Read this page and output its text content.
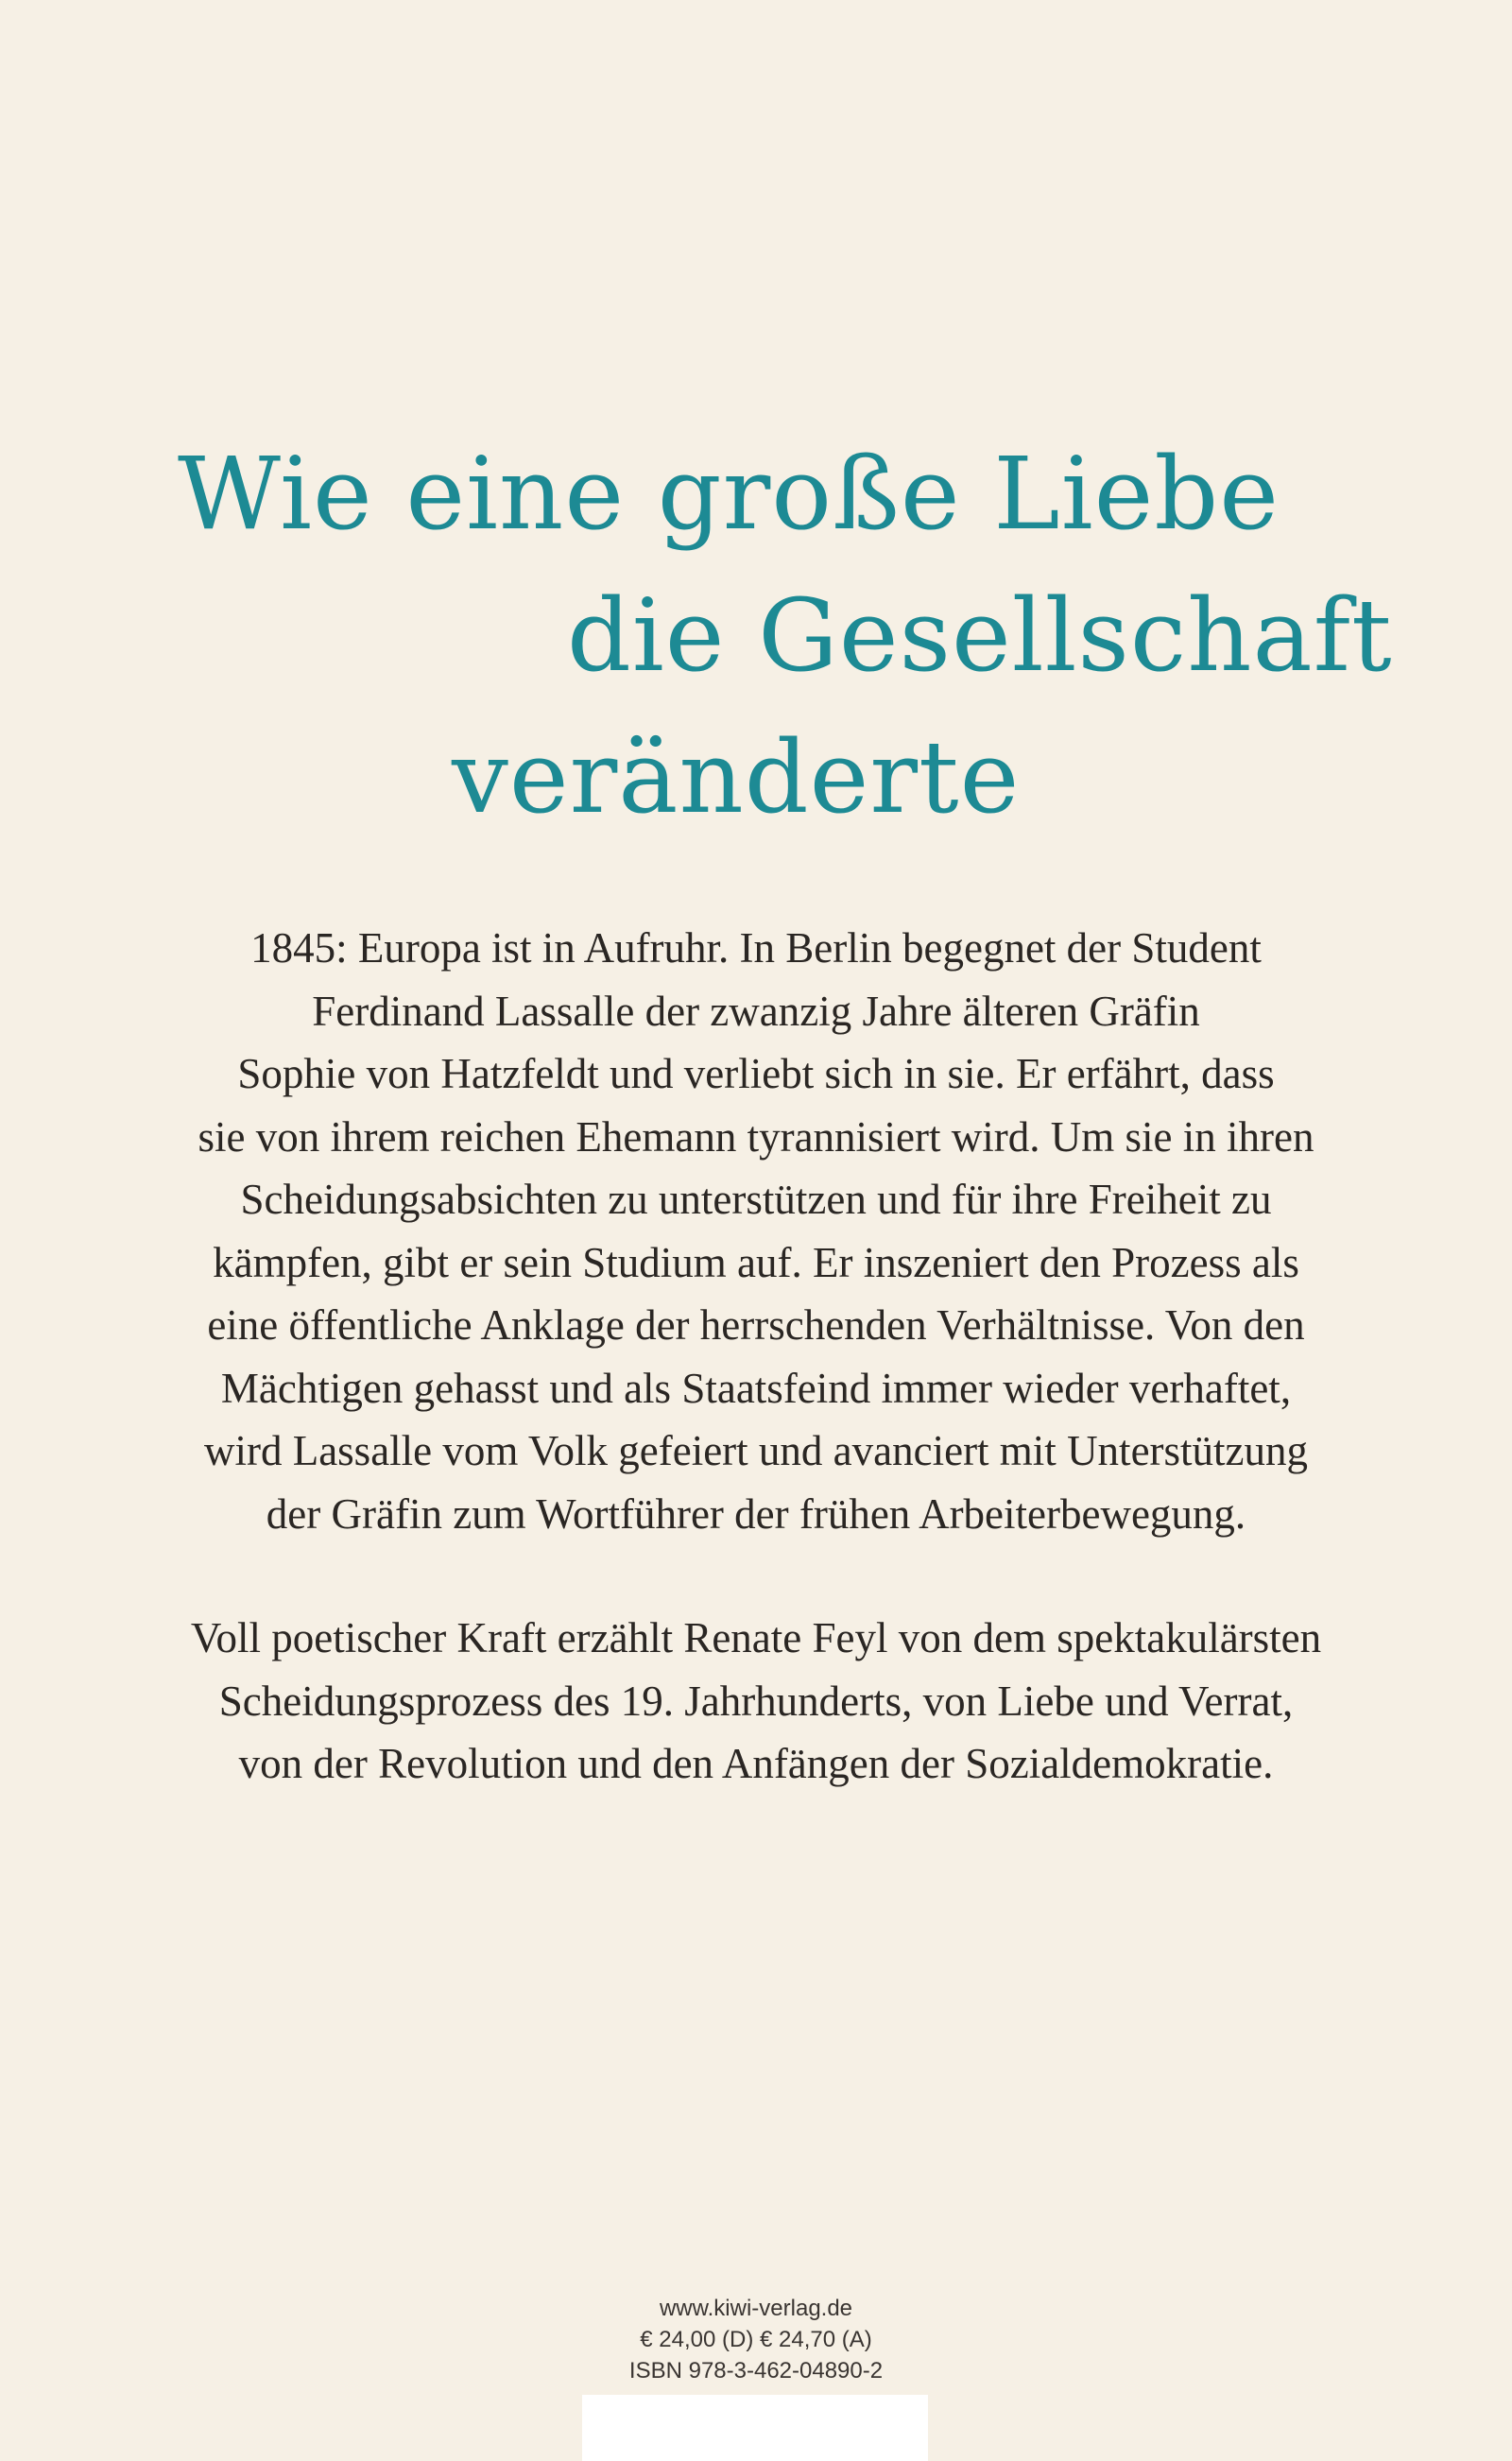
Wie eine große Liebe
die Gesellschaft
veränderte
1845: Europa ist in Aufruhr. In Berlin begegnet der Student
Ferdinand Lassalle der zwanzig Jahre älteren Gräfin
Sophie von Hatzfeldt und verliebt sich in sie. Er erfährt, dass
sie von ihrem reichen Ehemann tyrannisiert wird. Um sie in ihren
Scheidungsabsichten zu unterstützen und für ihre Freiheit zu
kämpfen, gibt er sein Studium auf. Er inszeniert den Prozess als
eine öffentliche Anklage der herrschenden Verhältnisse. Von den
Mächtigen gehasst und als Staatsfeind immer wieder verhaftet,
wird Lassalle vom Volk gefeiert und avanciert mit Unterstützung
der Gräfin zum Wortführer der frühen Arbeiterbewegung.
Voll poetischer Kraft erzählt Renate Feyl von dem spektakulärsten
Scheidungsprozess des 19. Jahrhunderts, von Liebe und Verrat,
von der Revolution und den Anfängen der Sozialdemokratie.
www.kiwi-verlag.de
€ 24,00 (D) € 24,70 (A)
ISBN 978-3-462-04890-2
